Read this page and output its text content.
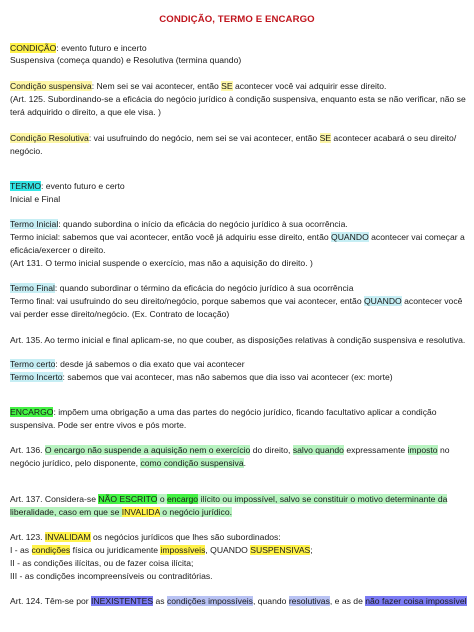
CONDIÇÃO, TERMO E ENCARGO
CONDIÇÃO: evento futuro e incerto
Suspensiva (começa quando) e Resolutiva (termina quando)
Condição suspensiva: Nem sei se vai acontecer, então SE acontecer você vai adquirir esse direito.
(Art. 125. Subordinando-se a eficácia do negócio jurídico à condição suspensiva, enquanto esta se não verificar, não se
terá adquirido o direito, a que ele visa. )
Condição Resolutiva: vai usufruindo do negócio, nem sei se vai acontecer, então SE acontecer acabará o seu direito/
negócio.
TERMO: evento futuro e certo
Inicial e Final
Termo Inicial: quando subordina o início da eficácia do negócio jurídico à sua ocorrência.
Termo inicial: sabemos que vai acontecer, então você já adquiriu esse direito, então QUANDO acontecer vai começar a
eficácia/exercer o direito.
(Art 131. O termo inicial suspende o exercício, mas não a aquisição do direito. )
Termo Final: quando subordinar o término da eficácia do negócio jurídico à sua ocorrência
Termo final: vai usufruindo do seu direito/negócio, porque sabemos que vai acontecer, então QUANDO acontecer você
vai perder esse direito/negócio. (Ex. Contrato de locação)
Art. 135. Ao termo inicial e final aplicam-se, no que couber, as disposições relativas à condição suspensiva e resolutiva.
Termo certo: desde já sabemos o dia exato que vai acontecer
Termo Incerto: sabemos que vai acontecer, mas não sabemos que dia isso vai acontecer (ex: morte)
ENCARGO: impõem uma obrigação a uma das partes do negócio jurídico, ficando facultativo aplicar a condição
suspensiva. Pode ser entre vivos e pós morte.
Art. 136. O encargo não suspende a aquisição nem o exercício do direito, salvo quando expressamente imposto no
negócio jurídico, pelo disponente, como condição suspensiva.
Art. 137. Considera-se NÃO ESCRITO o encargo ilícito ou impossível, salvo se constituir o motivo determinante da
liberalidade, caso em que se INVALIDA o negócio jurídico.
Art. 123. INVALIDAM os negócios jurídicos que lhes são subordinados:
I - as condições física ou juridicamente impossíveis, QUANDO SUSPENSIVAS;
II - as condições ilícitas, ou de fazer coisa ilícita;
III - as condições incompreensíveis ou contraditórias.
Art. 124. Têm-se por INEXISTENTES as condições impossíveis, quando resolutivas, e as de não fazer coisa impossível
